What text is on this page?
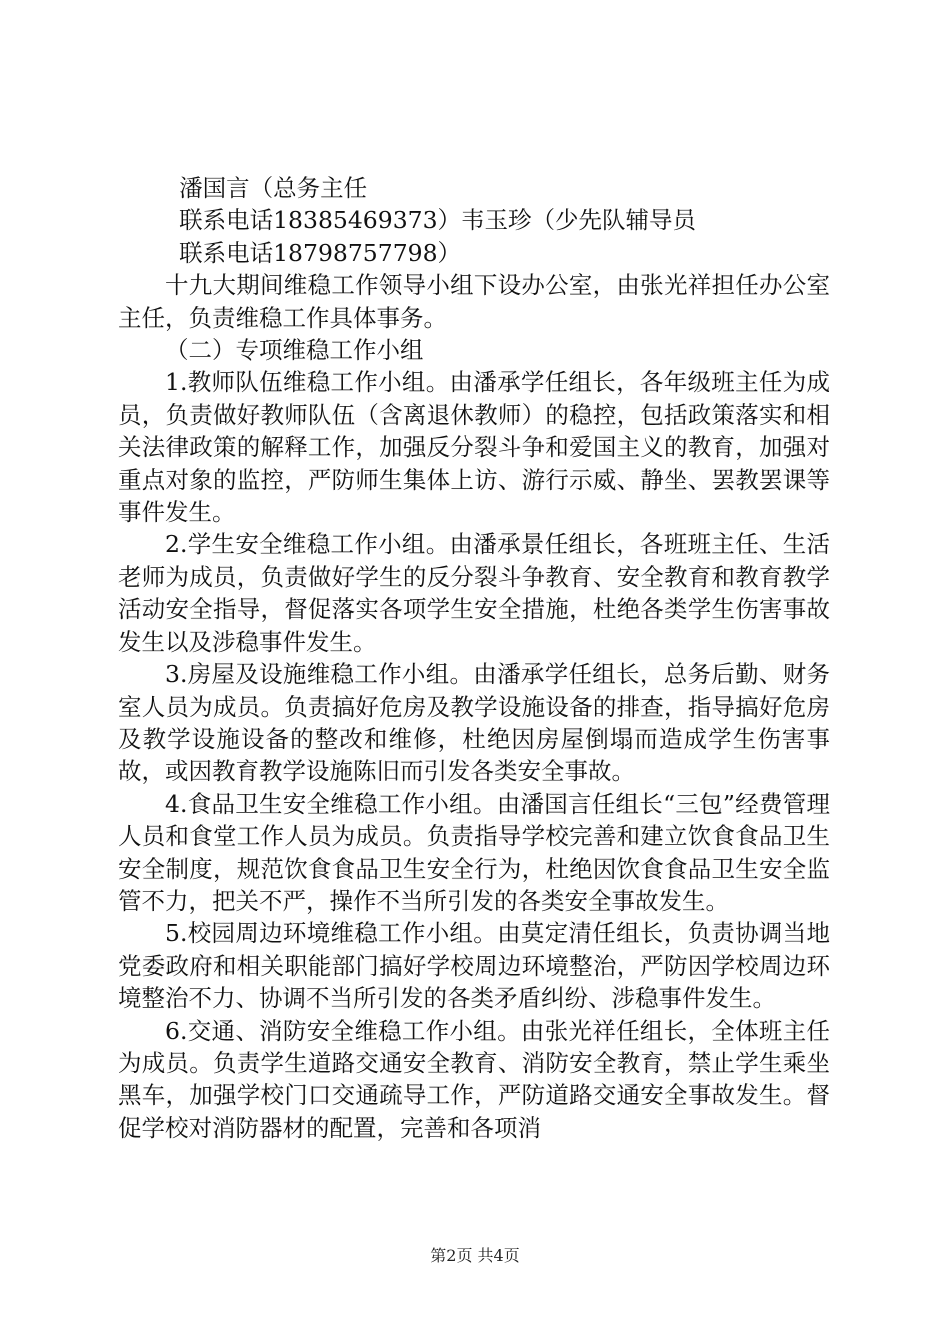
潘国言（总务主任

联系电话18385469373）韦玉珍（少先队辅导员

联系电话18798757798）

十九大期间维稳工作领导小组下设办公室，由张光祥担任办公室主任，负责维稳工作具体事务。

（二）专项维稳工作小组

1.教师队伍维稳工作小组。由潘承学任组长，各年级班主任为成员，负责做好教师队伍（含离退休教师）的稳控，包括政策落实和相关法律政策的解释工作，加强反分裂斗争和爱国主义的教育，加强对重点对象的监控，严防师生集体上访、游行示威、静坐、罢教罢课等事件发生。

2.学生安全维稳工作小组。由潘承景任组长，各班班主任、生活老师为成员，负责做好学生的反分裂斗争教育、安全教育和教育教学活动安全指导，督促落实各项学生安全措施，杜绝各类学生伤害事故发生以及涉稳事件发生。

3.房屋及设施维稳工作小组。由潘承学任组长，总务后勤、财务室人员为成员。负责搞好危房及教学设施设备的排查，指导搞好危房及教学设施设备的整改和维修，杜绝因房屋倒塌而造成学生伤害事故，或因教育教学设施陈旧而引发各类安全事故。

4.食品卫生安全维稳工作小组。由潘国言任组长“三包”经费管理人员和食堂工作人员为成员。负责指导学校完善和建立饮食食品卫生安全制度，规范饮食食品卫生安全行为，杜绝因饮食食品卫生安全监管不力，把关不严，操作不当所引发的各类安全事故发生。

5.校园周边环境维稳工作小组。由莫定清任组长，负责协调当地党委政府和相关职能部门搞好学校周边环境整治，严防因学校周边环境整治不力、协调不当所引发的各类矛盾纠纷、涉稳事件发生。

6.交通、消防安全维稳工作小组。由张光祥任组长，全体班主任为成员。负责学生道路交通安全教育、消防安全教育，禁止学生乘坐黑车，加强学校门口交通疏导工作，严防道路交通安全事故发生。督促学校对消防器材的配置，完善和各项消

第2页 共4页
